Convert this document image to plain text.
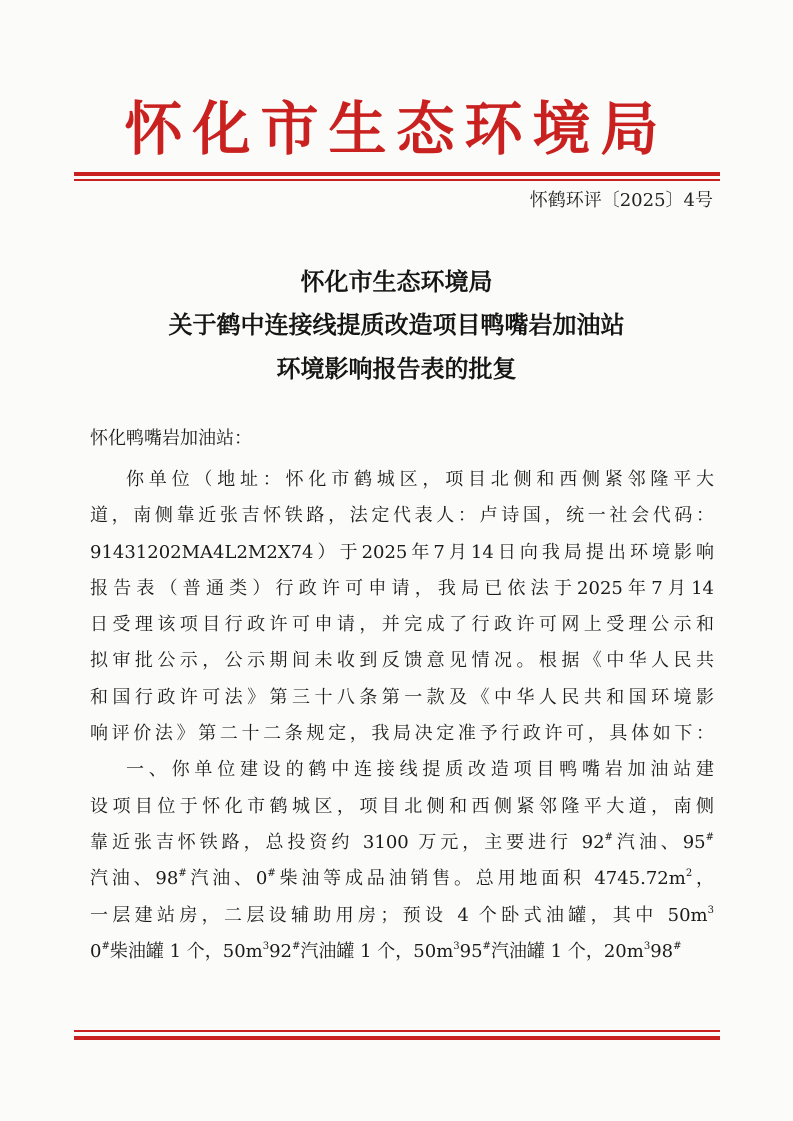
怀化市生态环境局
怀鹤环评〔2025〕4号
怀化市生态环境局
关于鹤中连接线提质改造项目鸭嘴岩加油站
环境影响报告表的批复
怀化鸭嘴岩加油站：

你单位（地址：怀化市鹤城区，项目北侧和西侧紧邻隆平大

道，南侧靠近张吉怀铁路，法定代表人：卢诗国，统一社会代码：

91431202MA4L2M2X74）于2025年7月14日向我局提出环境影响

报告表（普通类）行政许可申请，我局已依法于2025年7月14

日受理该项目行政许可申请，并完成了行政许可网上受理公示和

拟审批公示，公示期间未收到反馈意见情况。根据《中华人民共

和国行政许可法》第三十八条第一款及《中华人民共和国环境影

响评价法》第二十二条规定，我局决定准予行政许可，具体如下：

一、你单位建设的鹤中连接线提质改造项目鸭嘴岩加油站建

设项目位于怀化市鹤城区，项目北侧和西侧紧邻隆平大道，南侧

靠近张吉怀铁路，总投资约 3100 万元，主要进行 92#汽油、95#

汽油、98#汽油、0#柴油等成品油销售。总用地面积 $4745.72m^2$，

一层建站房，二层设辅助用房；预设 4 个卧式油罐，其中 $50m^3$

0#柴油罐 1 个，$50m^392^{\#}$汽油罐 1 个，$50m^395^{\#}$汽油罐 1 个，$20m^398^{\#}$
